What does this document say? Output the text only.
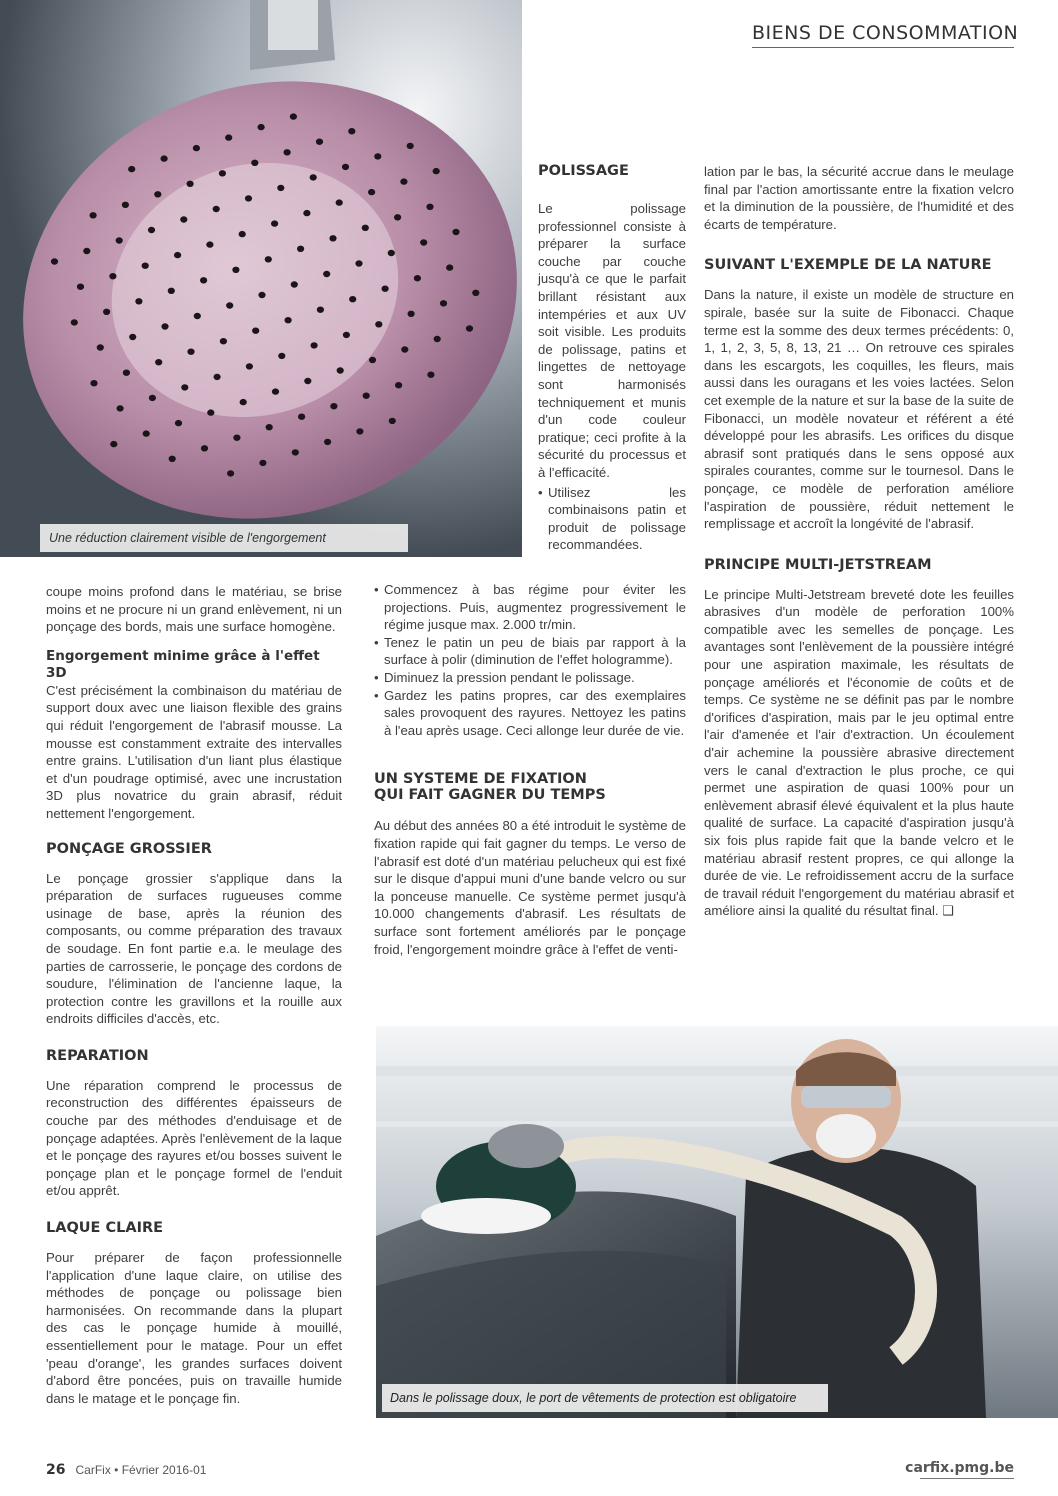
BIENS DE CONSOMMATION
Une réduction clairement visible de l'engorgement

coupe moins profond dans le matériau, se brise moins et ne procure ni un grand enlèvement, ni un ponçage des bords, mais une surface homogène.

Engorgement minime grâce à l'effet 3D

C'est précisément la combinaison du matériau de support doux avec une liaison flexible des grains qui réduit l'engorgement de l'abrasif mousse. La mousse est constamment extraite des intervalles entre grains. L'utilisation d'un liant plus élastique et d'un poudrage optimisé, avec une incrustation 3D plus novatrice du grain abrasif, réduit nettement l'engorgement.

PONÇAGE GROSSIER

Le ponçage grossier s'applique dans la préparation de surfaces rugueuses comme usinage de base, après la réunion des composants, ou comme préparation des travaux de soudage. En font partie e.a. le meulage des parties de carrosserie, le ponçage des cordons de soudure, l'élimination de l'ancienne laque, la protection contre les gravillons et la rouille aux endroits difficiles d'accès, etc.

REPARATION

Une réparation comprend le processus de reconstruction des différentes épaisseurs de couche par des méthodes d'enduisage et de ponçage adaptées. Après l'enlèvement de la laque et le ponçage des rayures et/ou bosses suivent le ponçage plan et le ponçage formel de l'enduit et/ou apprêt.

LAQUE CLAIRE

Pour préparer de façon professionnelle l'application d'une laque claire, on utilise des méthodes de ponçage ou polissage bien harmonisées. On recommande dans la plupart des cas le ponçage humide à mouillé, essentiellement pour le matage. Pour un effet 'peau d'orange', les grandes surfaces doivent d'abord être poncées, puis on travaille humide dans le matage et le ponçage fin.

POLISSAGE

Le polissage professionnel consiste à préparer la surface couche par couche jusqu'à ce que le parfait brillant résistant aux intempéries et aux UV soit visible. Les produits de polissage, patins et lingettes de nettoyage sont harmonisés techniquement et munis d'un code couleur pratique; ceci profite à la sécurité du processus et à l'efficacité.

• Utilisez les combinaisons patin et produit de polissage recommandées.
• Commencez à bas régime pour éviter les projections. Puis, augmentez progressivement le régime jusque max. 2.000 tr/min.
• Tenez le patin un peu de biais par rapport à la surface à polir (diminution de l'effet hologramme).
• Diminuez la pression pendant le polissage.
• Gardez les patins propres, car des exemplaires sales provoquent des rayures. Nettoyez les patins à l'eau après usage. Ceci allonge leur durée de vie.
UN SYSTEME DE FIXATION
QUI FAIT GAGNER DU TEMPS

Au début des années 80 a été introduit le système de fixation rapide qui fait gagner du temps. Le verso de l'abrasif est doté d'un matériau pelucheux qui est fixé sur le disque d'appui muni d'une bande velcro ou sur la ponceuse manuelle. Ce système permet jusqu'à 10.000 changements d'abrasif. Les résultats de surface sont fortement améliorés par le ponçage froid, l'engorgement moindre grâce à l'effet de venti-

lation par le bas, la sécurité accrue dans le meulage final par l'action amortissante entre la fixation velcro et la diminution de la poussière, de l'humidité et des écarts de température.

SUIVANT L'EXEMPLE DE LA NATURE

Dans la nature, il existe un modèle de structure en spirale, basée sur la suite de Fibonacci. Chaque terme est la somme des deux termes précédents: 0, 1, 1, 2, 3, 5, 8, 13, 21 … On retrouve ces spirales dans les escargots, les coquilles, les fleurs, mais aussi dans les ouragans et les voies lactées. Selon cet exemple de la nature et sur la base de la suite de Fibonacci, un modèle novateur et référent a été développé pour les abrasifs. Les orifices du disque abrasif sont pratiqués dans le sens opposé aux spirales courantes, comme sur le tournesol. Dans le ponçage, ce modèle de perforation améliore l'aspiration de poussière, réduit nettement le remplissage et accroît la longévité de l'abrasif.

PRINCIPE MULTI-JETSTREAM

Le principe Multi-Jetstream breveté dote les feuilles abrasives d'un modèle de perforation 100% compatible avec les semelles de ponçage. Les avantages sont l'enlèvement de la poussière intégré pour une aspiration maximale, les résultats de ponçage améliorés et l'économie de coûts et de temps. Ce système ne se définit pas par le nombre d'orifices d'aspiration, mais par le jeu optimal entre l'air d'amenée et l'air d'extraction. Un écoulement d'air achemine la poussière abrasive directement vers le canal d'extraction le plus proche, ce qui permet une aspiration de quasi 100% pour un enlèvement abrasif élevé équivalent et la plus haute qualité de surface. La capacité d'aspiration jusqu'à six fois plus rapide fait que la bande velcro et le matériau abrasif restent propres, ce qui allonge la durée de vie. Le refroidissement accru de la surface de travail réduit l'engorgement du matériau abrasif et améliore ainsi la qualité du résultat final. ❑

Dans le polissage doux, le port de vêtements de protection est obligatoire
26 CarFix • Février 2016-01	carfix.pmg.be
